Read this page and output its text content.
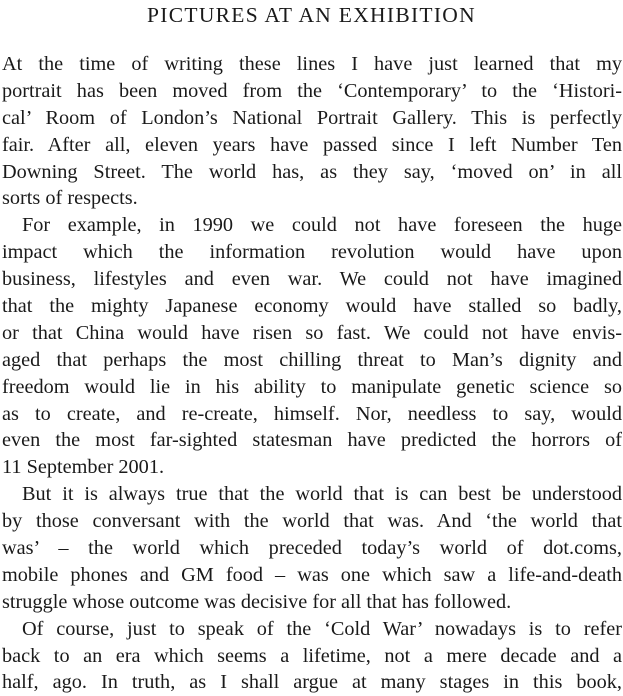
PICTURES AT AN EXHIBITION
At the time of writing these lines I have just learned that my
portrait has been moved from the ‘Contemporary’ to the ‘Histori-
cal’ Room of London’s National Portrait Gallery. This is perfectly
fair. After all, eleven years have passed since I left Number Ten
Downing Street. The world has, as they say, ‘moved on’ in all
sorts of respects.
For example, in 1990 we could not have foreseen the huge
impact which the information revolution would have upon
business, lifestyles and even war. We could not have imagined
that the mighty Japanese economy would have stalled so badly,
or that China would have risen so fast. We could not have envis-
aged that perhaps the most chilling threat to Man’s dignity and
freedom would lie in his ability to manipulate genetic science so
as to create, and re-create, himself. Nor, needless to say, would
even the most far-sighted statesman have predicted the horrors of
11 September 2001.
But it is always true that the world that is can best be understood
by those conversant with the world that was. And ‘the world that
was’ – the world which preceded today’s world of dot.coms,
mobile phones and GM food – was one which saw a life-and-death
struggle whose outcome was decisive for all that has followed.
Of course, just to speak of the ‘Cold War’ nowadays is to refer
back to an era which seems a lifetime, not a mere decade and a
half, ago. In truth, as I shall argue at many stages in this book,
